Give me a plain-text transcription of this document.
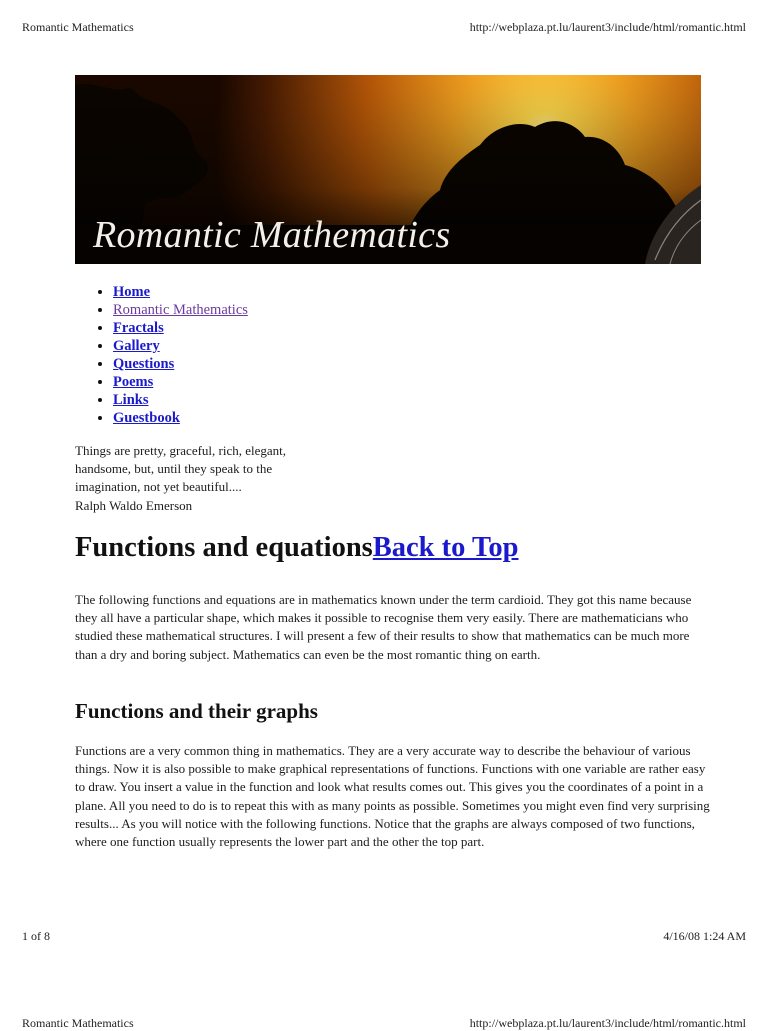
Romantic Mathematics	http://webplaza.pt.lu/laurent3/include/html/romantic.html
Romantic Mathematics
• Home
• Romantic Mathematics
• Fractals
• Gallery
• Questions
• Poems
• Links
• Guestbook
Things are pretty, graceful, rich, elegant,
handsome, but, until they speak to the
imagination, not yet beautiful....
Ralph Waldo Emerson
Functions and equationsBack to Top

The following functions and equations are in mathematics known under the term cardioid. They got this name because they all have a particular shape, which makes it possible to recognise them very easily. There are mathematicians who studied these mathematical structures. I will present a few of their results to show that mathematics can be much more than a dry and boring subject. Mathematics can even be the most romantic thing on earth.

Functions and their graphs

Functions are a very common thing in mathematics. They are a very accurate way to describe the behaviour of various things. Now it is also possible to make graphical representations of functions. Functions with one variable are rather easy to draw. You insert a value in the function and look what results comes out. This gives you the coordinates of a point in a plane. All you need to do is to repeat this with as many points as possible. Sometimes you might even find very surprising results... As you will notice with the following functions. Notice that the graphs are always composed of two functions, where one function usually represents the lower part and the other the top part.

1 of 8	4/16/08 1:24 AM
Romantic Mathematics	http://webplaza.pt.lu/laurent3/include/html/romantic.html
